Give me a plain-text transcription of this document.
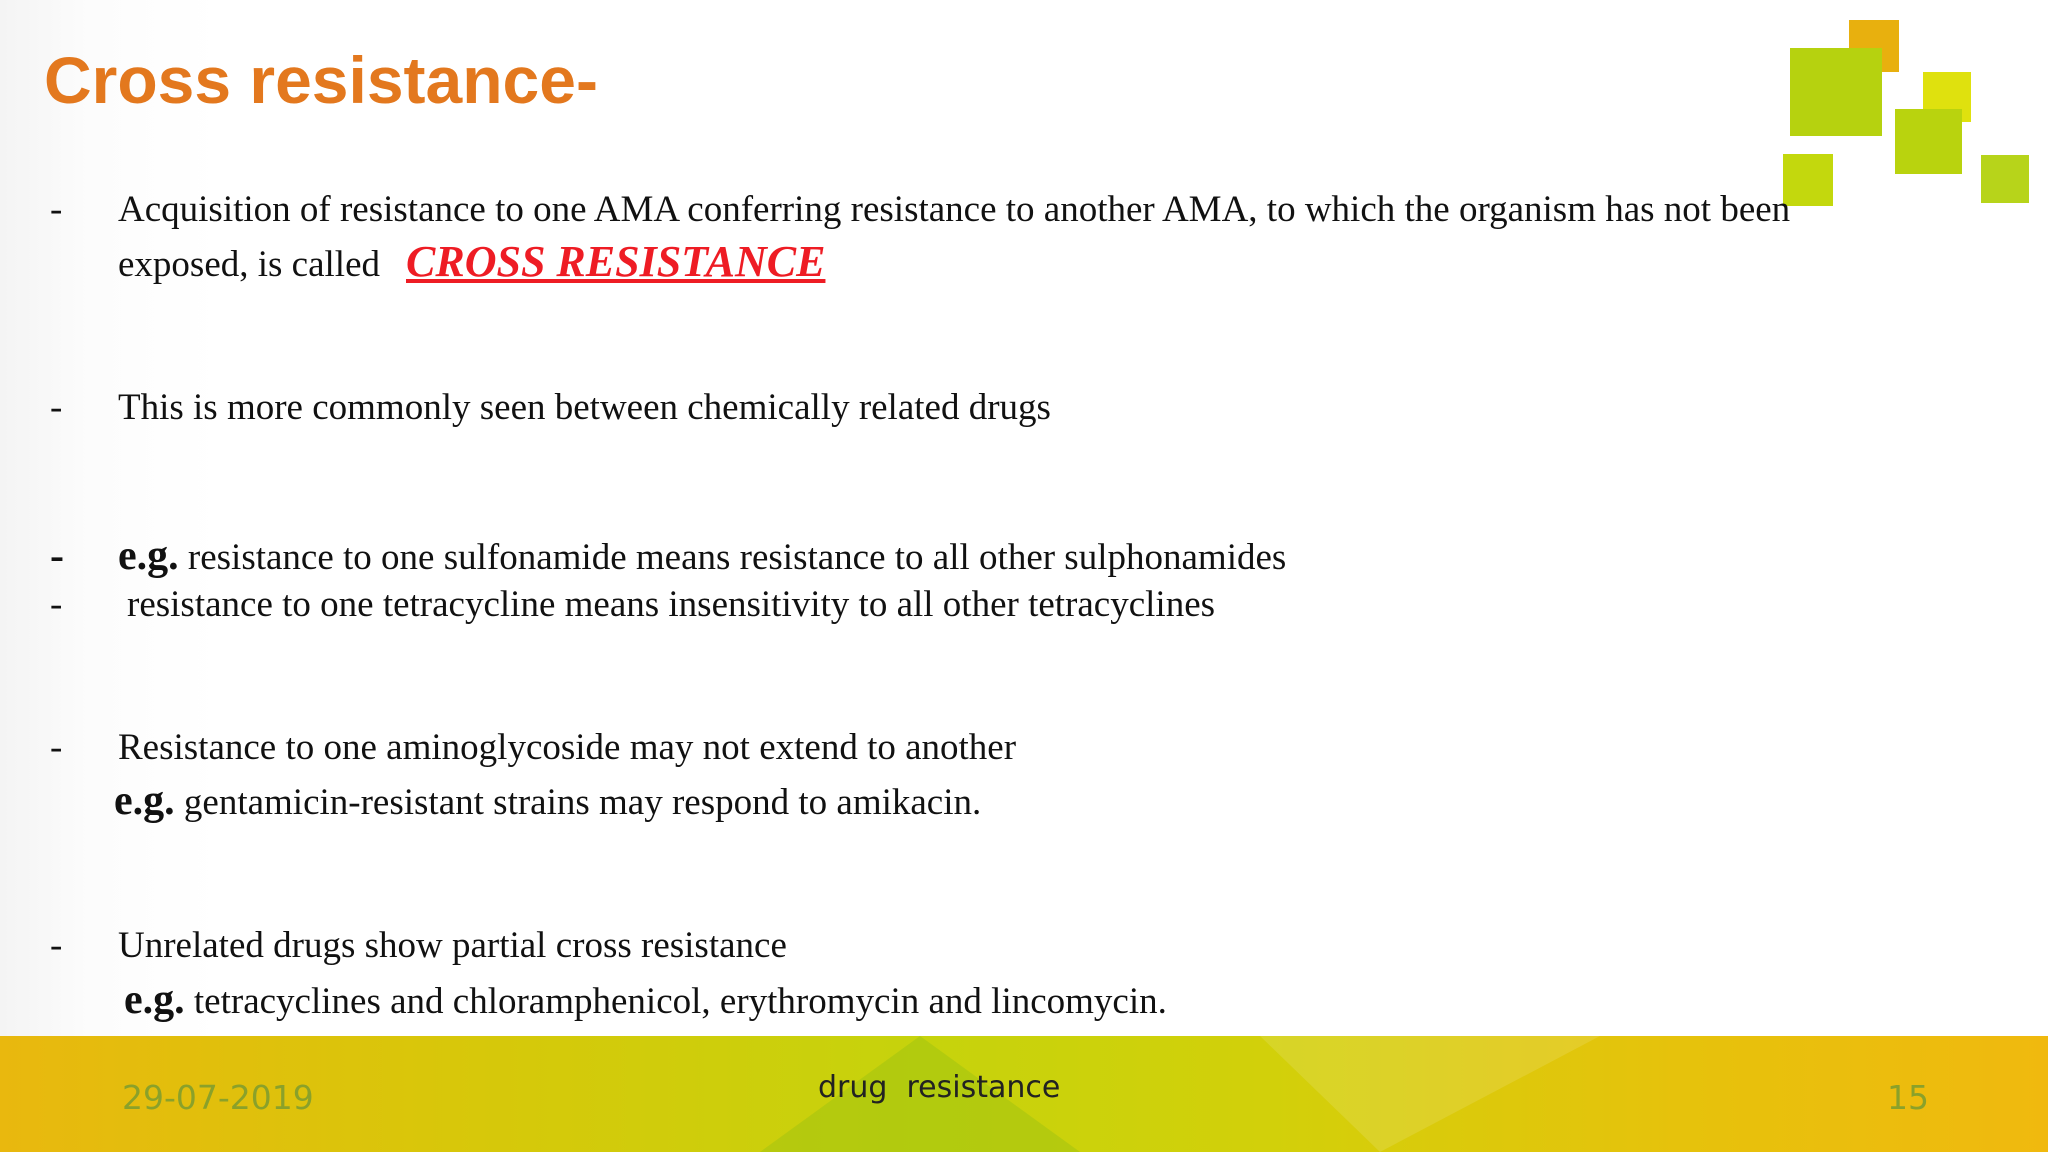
Cross resistance-
- Acquisition of resistance to one AMA conferring resistance to another AMA, to which the organism has not been
exposed, is called CROSS RESISTANCE
- This is more commonly seen between chemically related drugs
- e.g. resistance to one sulfonamide means resistance to all other sulphonamides
- resistance to one tetracycline means insensitivity to all other tetracyclines
- Resistance to one aminoglycoside may not extend to another
e.g. gentamicin-resistant strains may respond to amikacin.
- Unrelated drugs show partial cross resistance
e.g. tetracyclines and chloramphenicol, erythromycin and lincomycin.
29-07-2019	drug  resistance	15
